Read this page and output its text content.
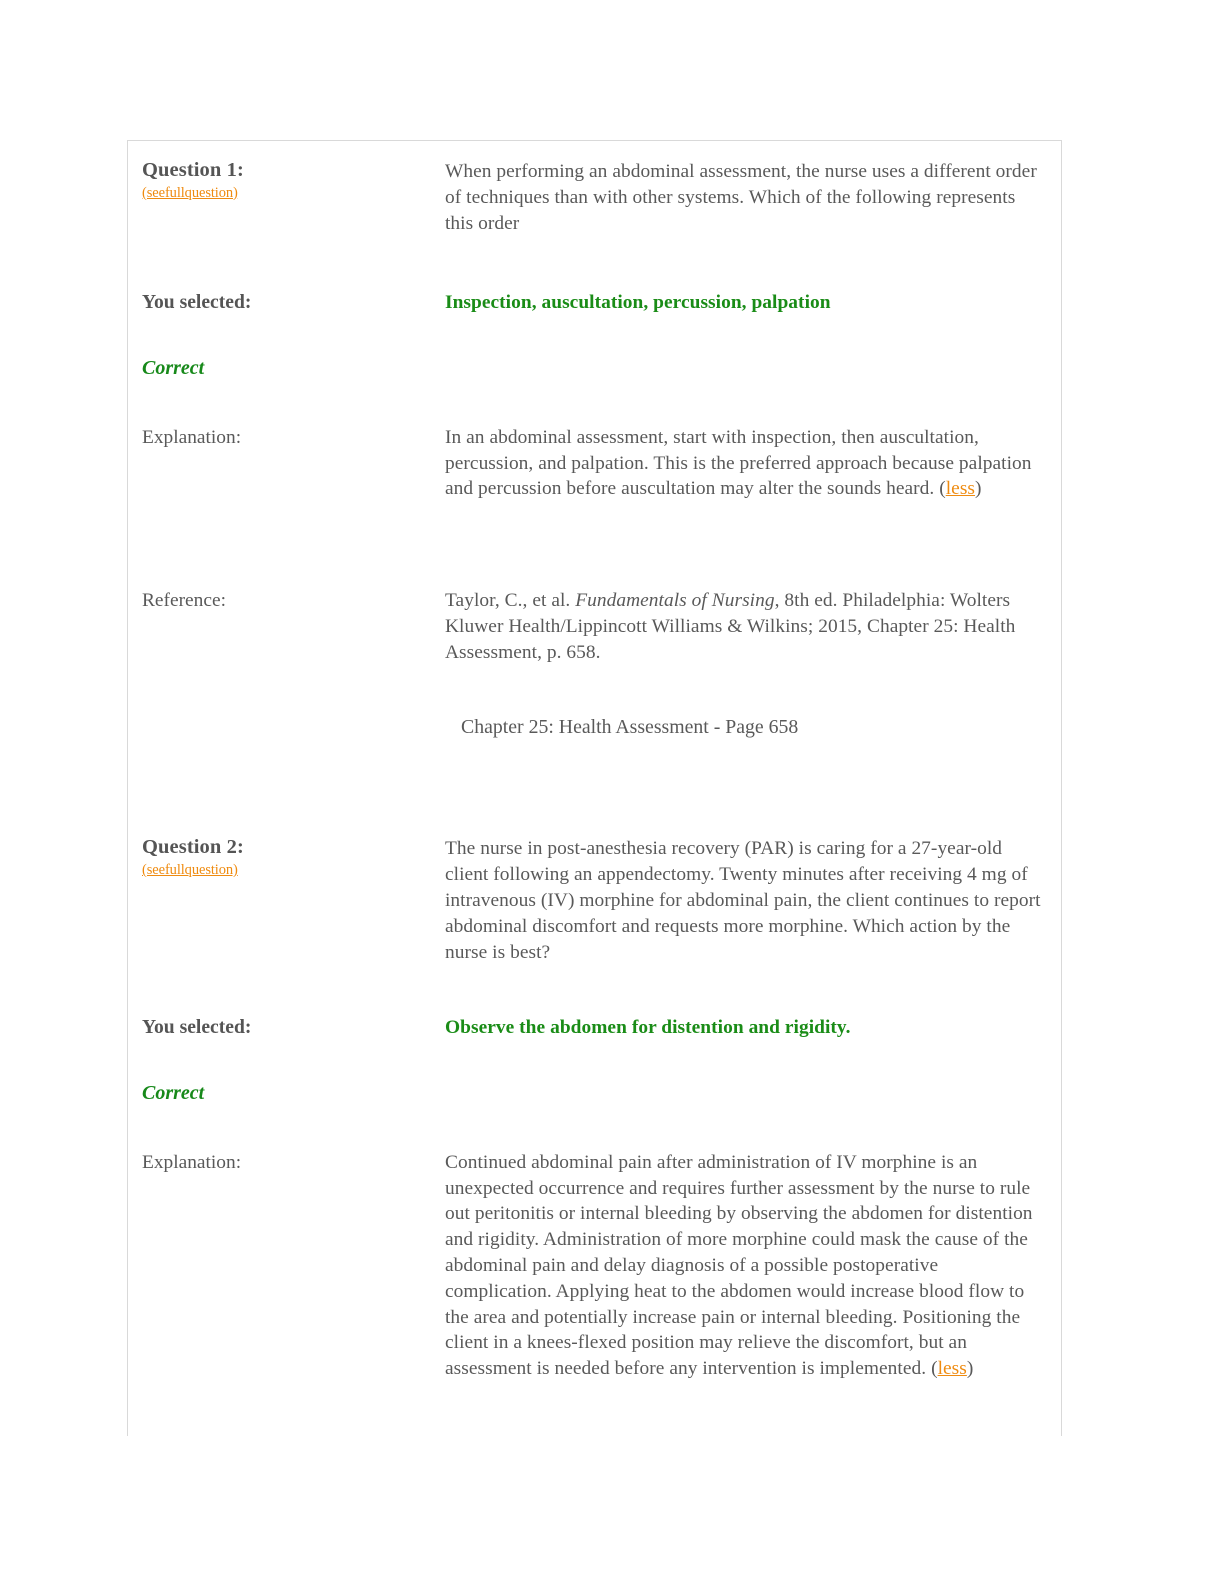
Question 1:
(seefullquestion)
When performing an abdominal assessment, the nurse uses a different order of techniques than with other systems. Which of the following represents this order
You selected:	Inspection, auscultation, percussion, palpation
Correct
Explanation:	In an abdominal assessment, start with inspection, then auscultation, percussion, and palpation. This is the preferred approach because palpation and percussion before auscultation may alter the sounds heard. (less)
Reference:	Taylor, C., et al. Fundamentals of Nursing, 8th ed. Philadelphia: Wolters Kluwer Health/Lippincott Williams & Wilkins; 2015, Chapter 25: Health Assessment, p. 658.
Chapter 25: Health Assessment - Page 658
Question 2:
(seefullquestion)
The nurse in post-anesthesia recovery (PAR) is caring for a 27-year-old client following an appendectomy. Twenty minutes after receiving 4 mg of intravenous (IV) morphine for abdominal pain, the client continues to report abdominal discomfort and requests more morphine. Which action by the nurse is best?
You selected:	Observe the abdomen for distention and rigidity.
Correct
Explanation:	Continued abdominal pain after administration of IV morphine is an unexpected occurrence and requires further assessment by the nurse to rule out peritonitis or internal bleeding by observing the abdomen for distention and rigidity. Administration of more morphine could mask the cause of the abdominal pain and delay diagnosis of a possible postoperative complication. Applying heat to the abdomen would increase blood flow to the area and potentially increase pain or internal bleeding. Positioning the client in a knees-flexed position may relieve the discomfort, but an assessment is needed before any intervention is implemented. (less)
